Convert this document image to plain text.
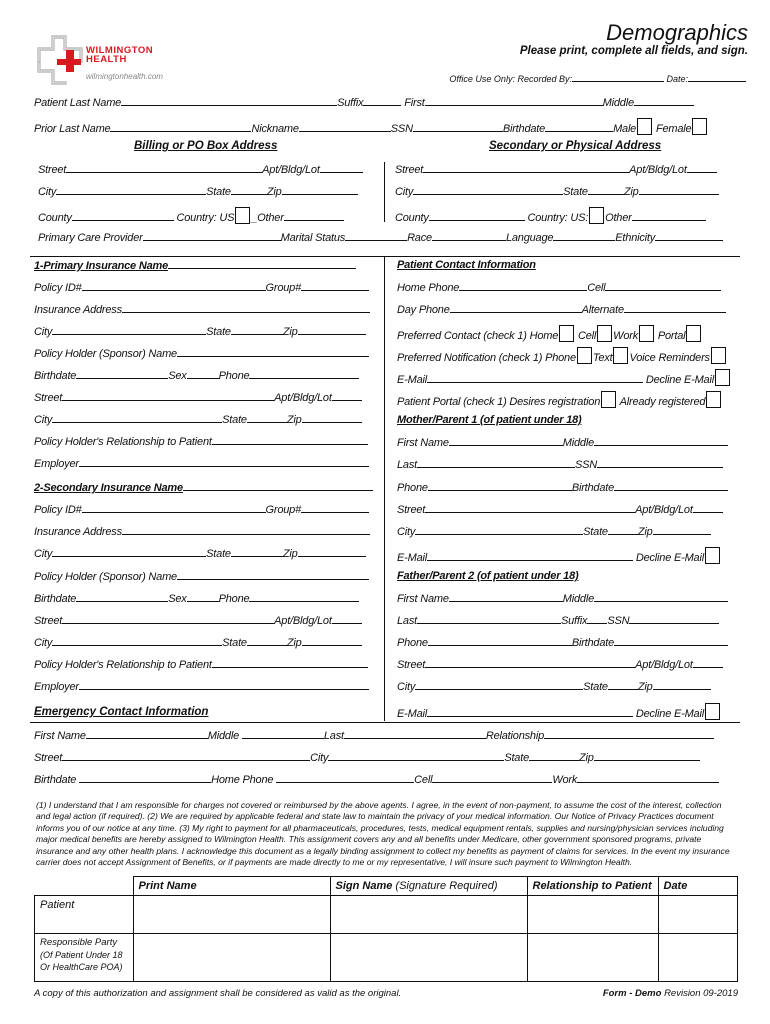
WILMINGTON
HEALTH
wilmingtonhealth.com
Demographics
Please print, complete all fields, and sign.
Office Use Only: Recorded By:	Date:
Patient Last Name	Suffix	First	Middle
Prior Last Name	Nickname	SSN	Birthdate	Male Female
Billing or PO Box Address	Secondary or Physical Address
Street	Apt/Bldg/Lot
City	State	Zip
County	Country: US _Other
Street	Apt/Bldg/Lot
City	State	Zip
County	Country: US: Other
Primary Care Provider	Marital Status	Race	Language	Ethnicity
1-Primary Insurance Name
Policy ID#	Group#
Insurance Address
City	State	Zip
Policy Holder (Sponsor) Name
Birthdate	Sex	Phone
Street	Apt/Bldg/Lot
City	State	Zip
Policy Holder's Relationship to Patient
Employer
2-Secondary Insurance Name
Policy ID#	Group#
Insurance Address
City	State	Zip
Policy Holder (Sponsor) Name
Birthdate	Sex	Phone
Street	Apt/Bldg/Lot
City	State	Zip
Policy Holder's Relationship to Patient
Employer
Emergency Contact Information
Patient Contact Information
Home Phone	Cell
Day Phone	Alternate
Preferred Contact (check 1) Home Cell Work Portal
Preferred Notification (check 1) Phone Text Voice Reminders
E-Mail	Decline E-Mail
Patient Portal (check 1) Desires registration Already registered
Mother/Parent 1 (of patient under 18)
First Name	Middle
Last	SSN
Phone	Birthdate
Street	Apt/Bldg/Lot
City	State	Zip
E-Mail	Decline E-Mail
Father/Parent 2 (of patient under 18)
First Name	Middle
Last	Suffix SSN
Phone	Birthdate
Street	Apt/Bldg/Lot
City	State	Zip
E-Mail	Decline E-Mail
First Name	Middle	Last	Relationship
Street	City	State	Zip
Birthdate	Home Phone	Cell	Work
(1) I understand that I am responsible for charges not covered or reimbursed by the above agents. I agree, in the event of non-payment, to assume the cost of the interest, collection and legal action (if required). (2) We are required by applicable federal and state law to maintain the privacy of your medical information. Our Notice of Privacy Practices document informs you of our notice at any time. (3) My right to payment for all pharmaceuticals, procedures, tests, medical equipment rentals, supplies and nursing/physician services including major medical benefits are hereby assigned to Wilmington Health. This assignment covers any and all benefits under Medicare, other government sponsored programs, private insurance and any other health plans. I acknowledge this document as a legally binding assignment to collect my benefits as payment of claims for services. In the event my insurance carrier does not accept Assignment of Benefits, or if payments are made directly to me or my representative, I will insure such payment to Wilmington Health.
	Print Name	Sign Name (Signature Required)	Relationship to Patient	Date
Patient				

Responsible Party
(Of Patient Under 18
Or HealthCare POA)				

A copy of this authorization and assignment shall be considered as valid as the original.	Form - Demo Revision 09-2019
